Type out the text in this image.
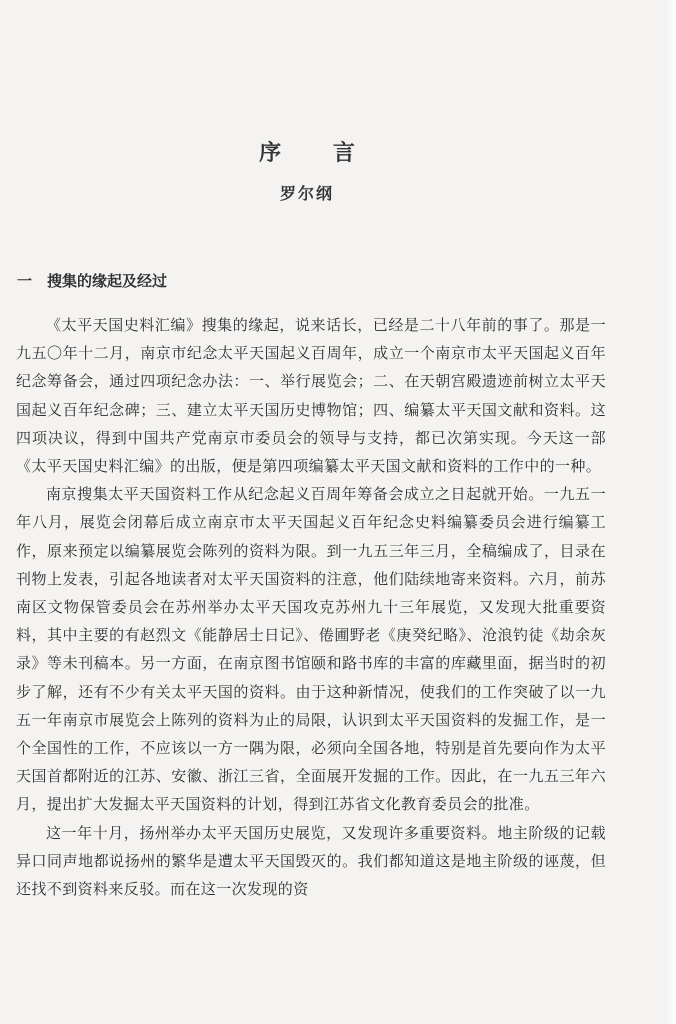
序 言
罗尔纲
一 搜集的缘起及经过

《太平天国史料汇编》搜集的缘起，说来话长，已经是二十八年前的事了。那是一九五〇年十二月，南京市纪念太平天国起义百周年，成立一个南京市太平天国起义百年纪念筹备会，通过四项纪念办法：一、举行展览会；二、在天朝宫殿遗迹前树立太平天国起义百年纪念碑；三、建立太平天国历史博物馆；四、编纂太平天国文献和资料。这四项决议，得到中国共产党南京市委员会的领导与支持，都已次第实现。今天这一部《太平天国史料汇编》的出版，便是第四项编纂太平天国文献和资料的工作中的一种。

南京搜集太平天国资料工作从纪念起义百周年筹备会成立之日起就开始。一九五一年八月，展览会闭幕后成立南京市太平天国起义百年纪念史料编纂委员会进行编纂工作，原来预定以编纂展览会陈列的资料为限。到一九五三年三月，全稿编成了，目录在刊物上发表，引起各地读者对太平天国资料的注意，他们陆续地寄来资料。六月，前苏南区文物保管委员会在苏州举办太平天国攻克苏州九十三年展览，又发现大批重要资料，其中主要的有赵烈文《能静居士日记》、倦圃野老《庚癸纪略》、沧浪钓徒《劫余灰录》等未刊稿本。另一方面，在南京图书馆颐和路书库的丰富的库藏里面，据当时的初步了解，还有不少有关太平天国的资料。由于这种新情况，使我们的工作突破了以一九五一年南京市展览会上陈列的资料为止的局限，认识到太平天国资料的发掘工作，是一个全国性的工作，不应该以一方一隅为限，必须向全国各地，特别是首先要向作为太平天国首都附近的江苏、安徽、浙江三省，全面展开发掘的工作。因此，在一九五三年六月，提出扩大发掘太平天国资料的计划，得到江苏省文化教育委员会的批准。

这一年十月，扬州举办太平天国历史展览，又发现许多重要资料。地主阶级的记载异口同声地都说扬州的繁华是遭太平天国毁灭的。我们都知道这是地主阶级的诬蔑，但还找不到资料来反驳。而在这一次发现的资
